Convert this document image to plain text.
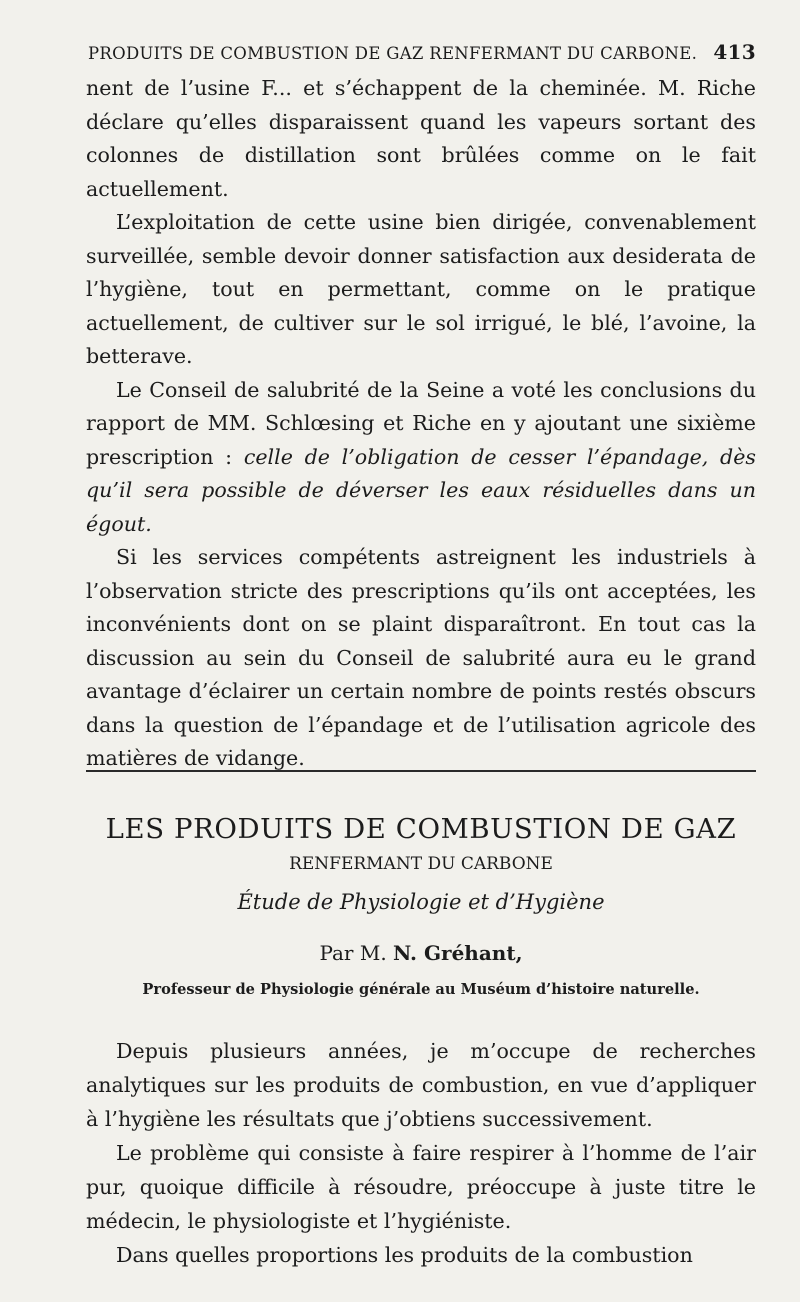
PRODUITS DE COMBUSTION DE GAZ RENFERMANT DU CARBONE. 413

nent de l’usine F... et s’échappent de la cheminée. M. Riche déclare qu’elles disparaissent quand les vapeurs sortant des colonnes de distillation sont brûlées comme on le fait actuellement.

L’exploitation de cette usine bien dirigée, convenablement surveillée, semble devoir donner satisfaction aux desiderata de l’hygiène, tout en permettant, comme on le pratique actuellement, de cultiver sur le sol irrigué, le blé, l’avoine, la betterave.

Le Conseil de salubrité de la Seine a voté les conclusions du rapport de MM. Schlœsing et Riche en y ajoutant une sixième prescription : celle de l’obligation de cesser l’épandage, dès qu’il sera possible de déverser les eaux résiduelles dans un égout.

Si les services compétents astreignent les industriels à l’observation stricte des prescriptions qu’ils ont acceptées, les inconvénients dont on se plaint disparaîtront. En tout cas la discussion au sein du Conseil de salubrité aura eu le grand avantage d’éclairer un certain nombre de points restés obscurs dans la question de l’épandage et de l’utilisation agricole des matières de vidange.

LES PRODUITS DE COMBUSTION DE GAZ
RENFERMANT DU CARBONE
Étude de Physiologie et d’Hygiène
Par M. N. Gréhant,
Professeur de Physiologie générale au Muséum d’histoire naturelle.

Depuis plusieurs années, je m’occupe de recherches analytiques sur les produits de combustion, en vue d’appliquer à l’hygiène les résultats que j’obtiens successivement.

Le problème qui consiste à faire respirer à l’homme de l’air pur, quoique difficile à résoudre, préoccupe à juste titre le médecin, le physiologiste et l’hygiéniste.

Dans quelles proportions les produits de la combustion
